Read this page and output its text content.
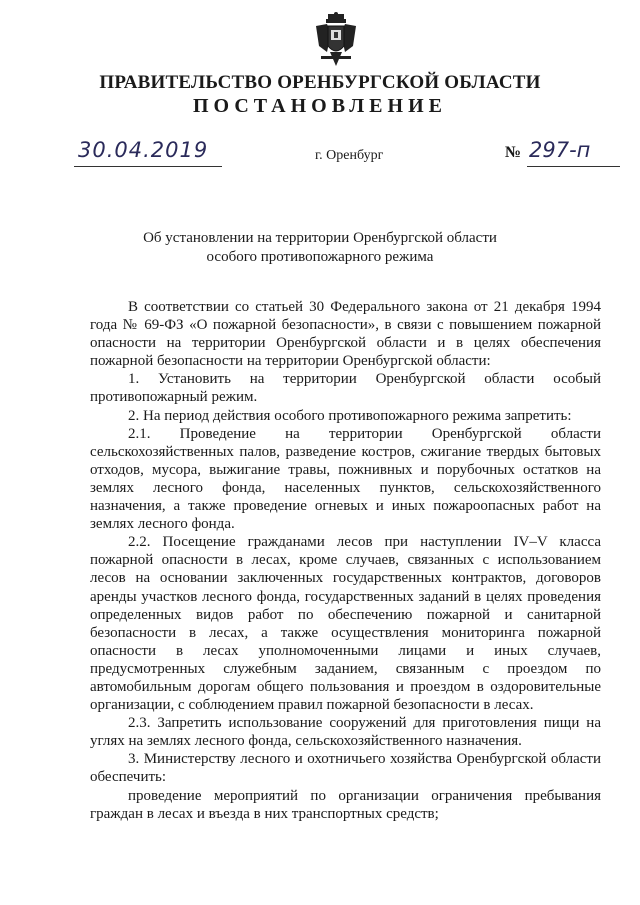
ПРАВИТЕЛЬСТВО ОРЕНБУРГСКОЙ ОБЛАСТИ
ПОСТАНОВЛЕНИЕ
30.04.2019	г. Оренбург	№ 297-п
Об установлении на территории Оренбургской области
особого противопожарного режима

В соответствии со статьей 30 Федерального закона от 21 декабря 1994 года № 69-ФЗ «О пожарной безопасности», в связи с повышением пожарной опасности на территории Оренбургской области и в целях обеспечения пожарной безопасности на территории Оренбургской области:

1. Установить на территории Оренбургской области особый противопожарный режим.

2. На период действия особого противопожарного режима запретить:

2.1. Проведение на территории Оренбургской области сельскохозяйственных палов, разведение костров, сжигание твердых бытовых отходов, мусора, выжигание травы, пожнивных и порубочных остатков на землях лесного фонда, населенных пунктов, сельскохозяйственного назначения, а также проведение огневых и иных пожароопасных работ на землях лесного фонда.

2.2. Посещение гражданами лесов при наступлении IV–V класса пожарной опасности в лесах, кроме случаев, связанных с использованием лесов на основании заключенных государственных контрактов, договоров аренды участков лесного фонда, государственных заданий в целях проведения определенных видов работ по обеспечению пожарной и санитарной безопасности в лесах, а также осуществления мониторинга пожарной опасности в лесах уполномоченными лицами и иных случаев, предусмотренных служебным заданием, связанным с проездом по автомобильным дорогам общего пользования и проездом в оздоровительные организации, с соблюдением правил пожарной безопасности в лесах.

2.3. Запретить использование сооружений для приготовления пищи на углях на землях лесного фонда, сельскохозяйственного назначения.

3. Министерству лесного и охотничьего хозяйства Оренбургской области обеспечить:

проведение мероприятий по организации ограничения пребывания граждан в лесах и въезда в них транспортных средств;
